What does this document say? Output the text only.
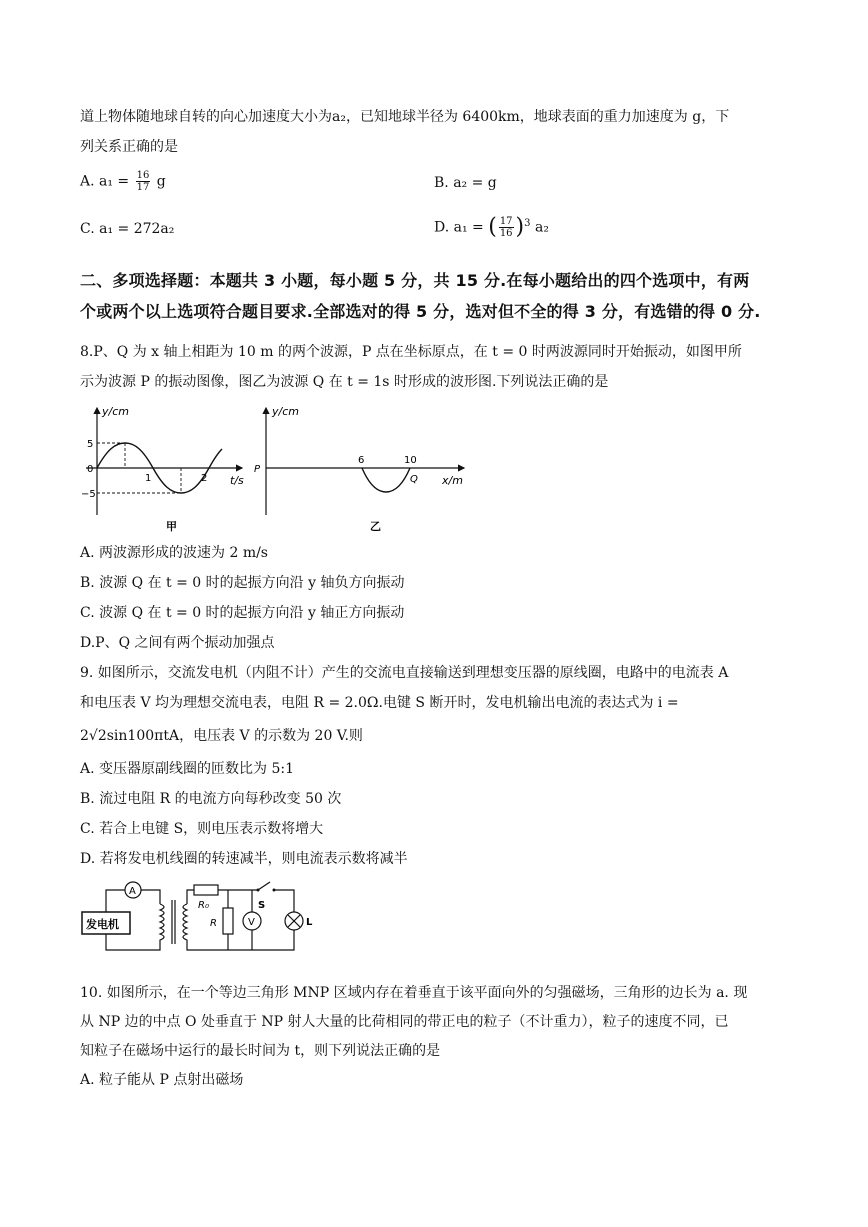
道上物体随地球自转的向心加速度大小为a₂，已知地球半径为 6400km，地球表面的重力加速度为 g，下
列关系正确的是
A. $a_1 = \frac{16}{17}$ g	B. a₂ = g
C. a₁ = 272a₂	D. a₁ = ( $\frac{17}{16} )^3$ a₂
二、多项选择题：本题共 3 小题，每小题 5 分，共 15 分.在每小题给出的四个选项中，有两
个或两个以上选项符合题目要求.全部选对的得 5 分，选对但不全的得 3 分，有选错的得 0 分.
8.P、Q 为 x 轴上相距为 10 m 的两个波源，P 点在坐标原点，在 t = 0 时两波源同时开始振动，如图甲所
示为波源 P 的振动图像，图乙为波源 Q 在 t = 1s 时形成的波形图.下列说法正确的是
y/cm
t/s
5
0
−5
1	2
甲
y/cm
x/m
P
6	10
Q
乙
A. 两波源形成的波速为 2 m/s
B. 波源 Q 在 t = 0 时的起振方向沿 y 轴负方向振动
C. 波源 Q 在 t = 0 时的起振方向沿 y 轴正方向振动
D.P、Q 之间有两个振动加强点
9. 如图所示，交流发电机（内阻不计）产生的交流电直接输送到理想变压器的原线圈，电路中的电流表 A
和电压表 V 均为理想交流电表，电阻 R = 2.0Ω.电键 S 断开时，发电机输出电流的表达式为 i =
2√2sin100πtA，电压表 V 的示数为 20 V.则
A. 变压器原副线圈的匝数比为 5:1
B. 流过电阻 R 的电流方向每秒改变 50 次
C. 若合上电键 S，则电压表示数将增大
D. 若将发电机线圈的转速减半，则电流表示数将减半
发电机
A
R₀
R	V
S
L
10. 如图所示，在一个等边三角形 MNP 区域内存在着垂直于该平面向外的匀强磁场，三角形的边长为 a. 现
从 NP 边的中点 O 处垂直于 NP 射人大量的比荷相同的带正电的粒子（不计重力），粒子的速度不同，已
知粒子在磁场中运行的最长时间为 t，则下列说法正确的是
A. 粒子能从 P 点射出磁场
